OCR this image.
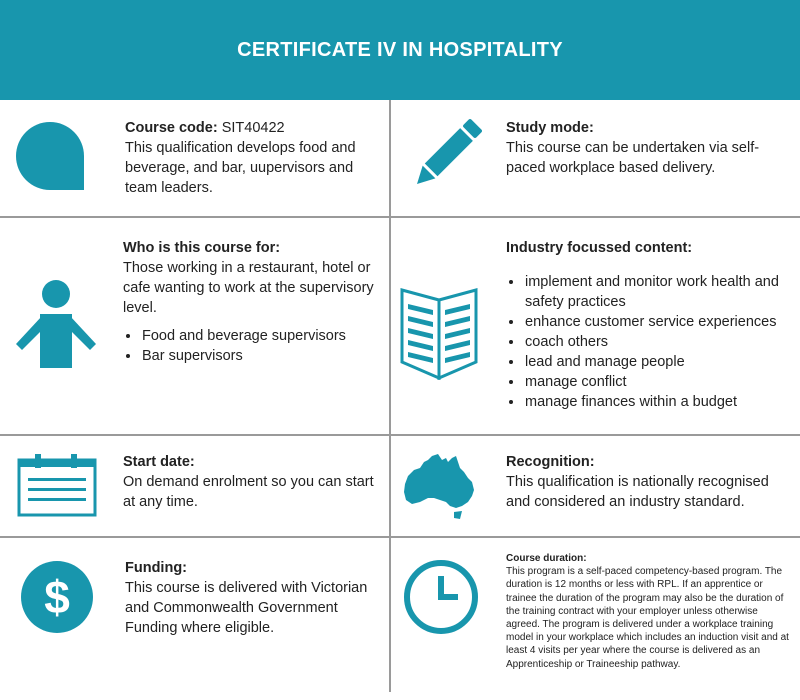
CERTIFICATE IV IN HOSPITALITY
Course code: SIT40422
This qualification develops food and beverage, and bar, uupervisors and team leaders.
Study mode:
This course can be undertaken via self-paced workplace based delivery.
Who is this course for:
Those working in a restaurant, hotel or cafe wanting to work at the supervisory level.
• Food and beverage supervisors
• Bar supervisors
Industry focussed content:
• implement and monitor work health and safety practices
• enhance customer service experiences
• coach others
• lead and manage people
• manage conflict
• manage finances within a budget
Start date:
On demand enrolment so you can start at any time.
Recognition:
This qualification is nationally recognised and considered an industry standard.
$
Funding:
This course is delivered with Victorian and Commonwealth Government Funding where eligible.
Course duration:
This program is a self-paced competency-based program. The duration is 12 months or less with RPL. If an apprentice or trainee the duration of the program may also be the duration of the training contract with your employer unless otherwise agreed. The program is delivered under a workplace training model in your workplace which includes an induction visit and at least 4 visits per year where the course is delivered as an Apprenticeship or Traineeship pathway.
